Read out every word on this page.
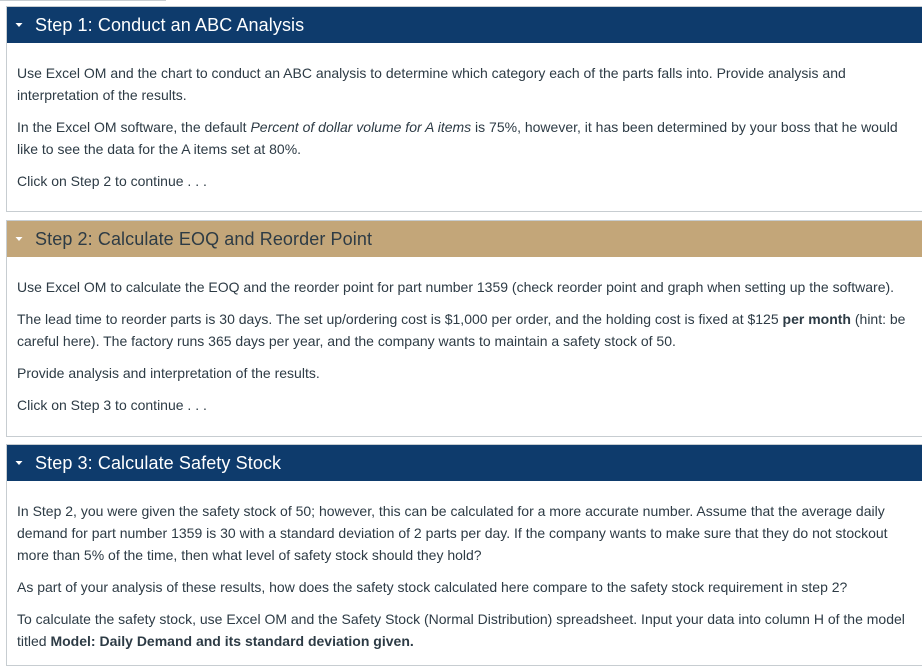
Step 1: Conduct an ABC Analysis

Use Excel OM and the chart to conduct an ABC analysis to determine which category each of the parts falls into. Provide analysis and interpretation of the results.

In the Excel OM software, the default Percent of dollar volume for A items is 75%, however, it has been determined by your boss that he would like to see the data for the A items set at 80%.

Click on Step 2 to continue . . .

Step 2: Calculate EOQ and Reorder Point

Use Excel OM to calculate the EOQ and the reorder point for part number 1359 (check reorder point and graph when setting up the software).

The lead time to reorder parts is 30 days. The set up/ordering cost is $1,000 per order, and the holding cost is fixed at $125 per month (hint: be careful here). The factory runs 365 days per year, and the company wants to maintain a safety stock of 50.

Provide analysis and interpretation of the results.

Click on Step 3 to continue . . .

Step 3: Calculate Safety Stock

In Step 2, you were given the safety stock of 50; however, this can be calculated for a more accurate number. Assume that the average daily demand for part number 1359 is 30 with a standard deviation of 2 parts per day. If the company wants to make sure that they do not stockout more than 5% of the time, then what level of safety stock should they hold?

As part of your analysis of these results, how does the safety stock calculated here compare to the safety stock requirement in step 2?

To calculate the safety stock, use Excel OM and the Safety Stock (Normal Distribution) spreadsheet. Input your data into column H of the model titled Model: Daily Demand and its standard deviation given.
